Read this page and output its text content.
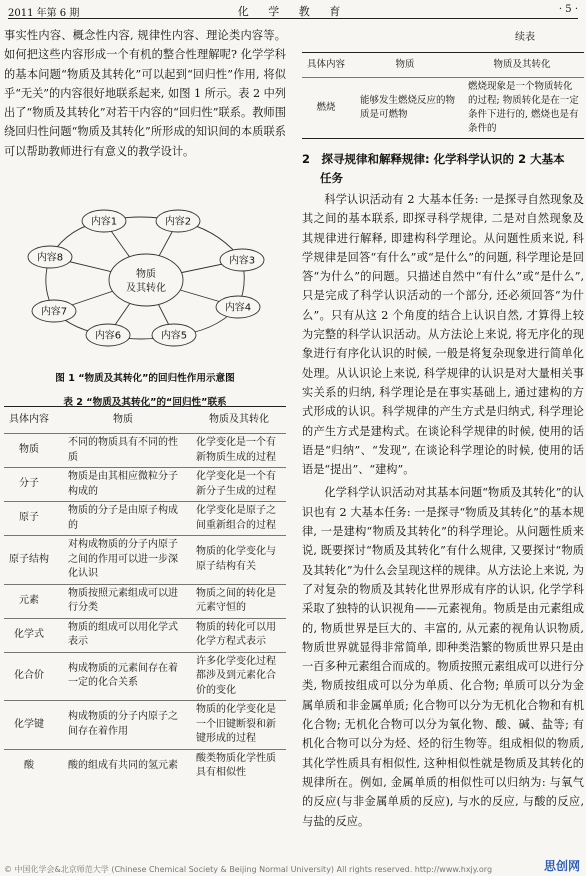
2011 年第 6 期	化 学 教 育	· 5 ·

事实性内容、概念性内容, 规律性内容、理论类内容等。如何把这些内容形成一个有机的整合性理解呢? 化学学科的基本问题“物质及其转化”可以起到“回归性”作用, 将似乎“无关”的内容很好地联系起来, 如图 1 所示。表 2 中列出了“物质及其转化”对若干内容的“回归性”联系。教师围绕回归性问题“物质及其转化”所形成的知识间的本质联系可以帮助教师进行有意义的教学设计。

物质
及其转化
内容1	内容2
内容3
内容4
内容5
内容6
内容7
内容8
图 1 “物质及其转化”的回归性作用示意图
表 2 “物质及其转化”的“回归性”联系
具体内容	物质	物质及其转化
物质	不同的物质具有不同的性质	化学变化是一个有新物质生成的过程
分子	物质是由其相应微粒分子构成的	化学变化是一个有新分子生成的过程
原子	物质的分子是由原子构成的	化学变化是原子之间重新组合的过程
原子结构	对构成物质的分子内原子之间的作用可以进一步深化认识	物质的化学变化与原子结构有关
元素	物质按照元素组成可以进行分类	物质之间的转化是元素守恒的
化学式	物质的组成可以用化学式表示	物质的转化可以用化学方程式表示
化合价	构成物质的元素间存在着一定的化合关系	许多化学变化过程都涉及到元素化合价的变化
化学键	构成物质的分子内原子之间存在着作用	物质的化学变化是一个旧键断裂和新键形成的过程
酸	酸的组成有共同的氢元素	酸类物质化学性质具有相似性
续表
具体内容	物质	物质及其转化
燃烧	能够发生燃烧反应的物质是可燃物	燃烧现象是一个物质转化的过程; 物质转化是在一定条件下进行的, 燃烧也是有条件的
2　探寻规律和解释规律: 化学科学认识的 2 大基本
任务

科学认识活动有 2 大基本任务: 一是探寻自然现象及其之间的基本联系, 即探寻科学规律, 二是对自然现象及其规律进行解释, 即建构科学理论。从问题性质来说, 科学规律是回答“有什么”或“是什么”的问题, 科学理论是回答“为什么”的问题。只描述自然中“有什么”或“是什么”, 只是完成了科学认识活动的一个部分, 还必须回答“为什么”。只有从这 2 个角度的结合上认识自然, 才算得上较为完整的科学认识活动。从方法论上来说, 将无序化的现象进行有序化认识的时候, 一般是将复杂现象进行简单化处理。从认识论上来说, 科学规律的认识是对大量相关事实关系的归纳, 科学理论是在事实基础上, 通过建构的方式形成的认识。科学规律的产生方式是归纳式, 科学理论的产生方式是建构式。在谈论科学规律的时候, 使用的话语是“归纳”、“发现”, 在谈论科学理论的时候, 使用的话语是“提出”、“建构”。

化学科学认识活动对其基本问题“物质及其转化”的认识也有 2 大基本任务: 一是探寻“物质及其转化”的基本规律, 一是建构“物质及其转化”的科学理论。从问题性质来说, 既要探讨“物质及其转化”有什么规律, 又要探讨“物质及其转化”为什么会呈现这样的规律。从方法论上来说, 为了对复杂的物质及其转化世界形成有序的认识, 化学学科采取了独特的认识视角——元素视角。物质是由元素组成的, 物质世界是巨大的、丰富的, 从元素的视角认识物质, 物质世界就显得非常简单, 即种类浩繁的物质世界只是由一百多种元素组合而成的。物质按照元素组成可以进行分类, 物质按组成可以分为单质、化合物; 单质可以分为金属单质和非金属单质; 化合物可以分为无机化合物和有机化合物; 无机化合物可以分为氧化物、酸、碱、盐等; 有机化合物可以分为烃、烃的衍生物等。组成相似的物质, 其化学性质具有相似性, 这种相似性就是物质及其转化的规律所在。例如, 金属单质的相似性可以归纳为: 与氧气的反应(与非金属单质的反应), 与水的反应, 与酸的反应, 与盐的反应。

© 中国化学会&北京师范大学 (Chinese Chemical Society & Beijing Normal University) All rights reserved. http://www.hxjy.org	思创网
